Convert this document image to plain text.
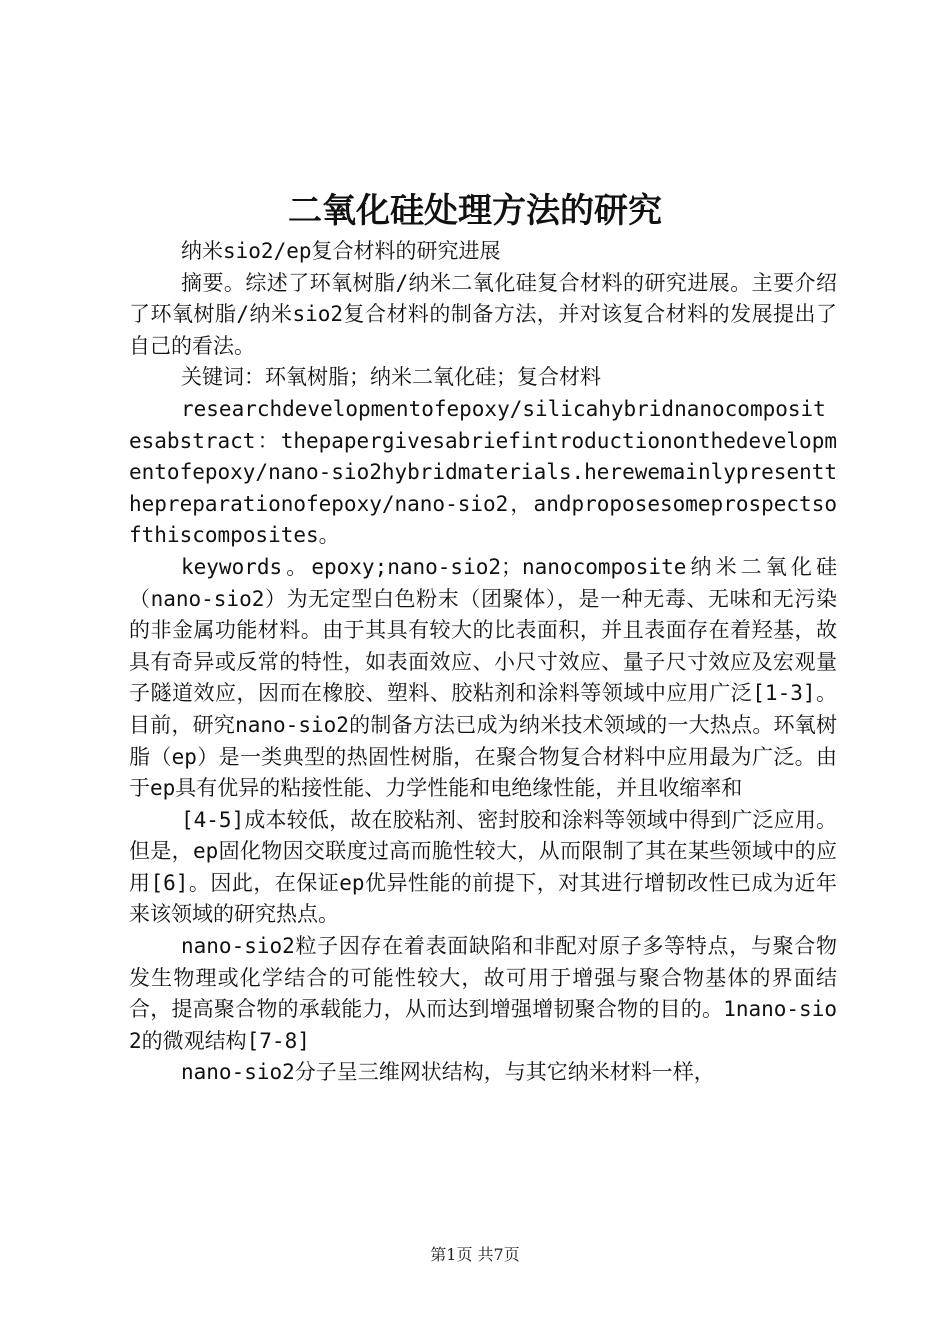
二氧化硅处理方法的研究

纳米sio2/ep复合材料的研究进展

摘要。综述了环氧树脂/纳米二氧化硅复合材料的研究进展。主要介绍了环氧树脂/纳米sio2复合材料的制备方法，并对该复合材料的发展提出了自己的看法。

关键词：环氧树脂；纳米二氧化硅；复合材料

researchdevelopmentofepoxy/silicahybridnanocompositesabstract：thepapergivesabriefintroductiononthedevelopmentofepoxy/nano-sio2hybridmaterials.herewemainlypresentthepreparationofepoxy/nano-sio2，andproposesomeprospectsofthiscomposites。

keywords。epoxy;nano-sio2；nanocomposite纳米二氧化硅（nano-sio2）为无定型白色粉末（团聚体），是一种无毒、无味和无污染的非金属功能材料。由于其具有较大的比表面积，并且表面存在着羟基，故具有奇异或反常的特性，如表面效应、小尺寸效应、量子尺寸效应及宏观量子隧道效应，因而在橡胶、塑料、胶粘剂和涂料等领域中应用广泛[1-3]。目前，研究nano-sio2的制备方法已成为纳米技术领域的一大热点。环氧树脂（ep）是一类典型的热固性树脂，在聚合物复合材料中应用最为广泛。由于ep具有优异的粘接性能、力学性能和电绝缘性能，并且收缩率和

[4-5]成本较低，故在胶粘剂、密封胶和涂料等领域中得到广泛应用。但是，ep固化物因交联度过高而脆性较大，从而限制了其在某些领域中的应用[6]。因此，在保证ep优异性能的前提下，对其进行增韧改性已成为近年来该领域的研究热点。

nano-sio2粒子因存在着表面缺陷和非配对原子多等特点，与聚合物发生物理或化学结合的可能性较大，故可用于增强与聚合物基体的界面结合，提高聚合物的承载能力，从而达到增强增韧聚合物的目的。1nano-sio2的微观结构[7-8]

nano-sio2分子呈三维网状结构，与其它纳米材料一样，

第1页 共7页
